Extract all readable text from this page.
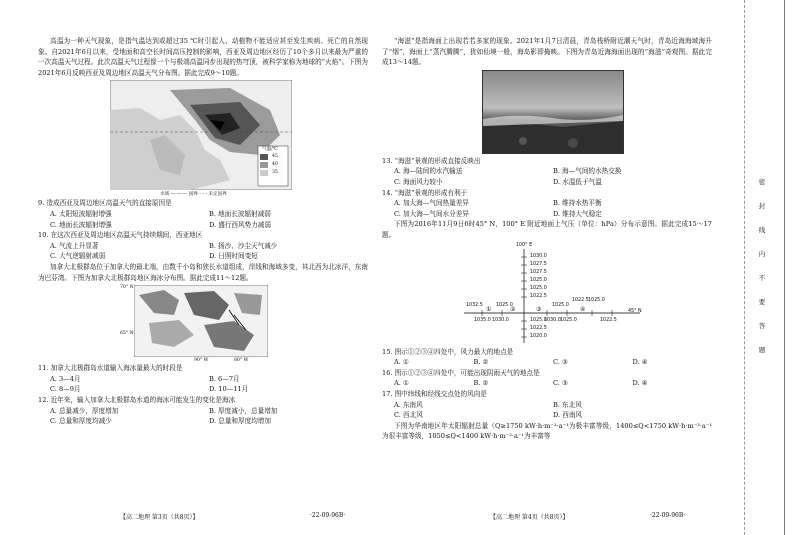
高温为一种天气现象，是指气温达到或超过35 ℃时引起人、动植物不能适应甚至发生疾病、死亡的自然现象。自2021年6月以来，受地面和高空长时间高压控制的影响，西亚及周边地区经历了10个多月以来最为严重的一次高温天气过程。此次高温天气过程像一个与极端高温同步出现的热穹顶，被科学家称为地球的“火焰”。下图为2021年6月反映西亚及周边地区高温天气分布图。据此完成9～10题。

气温/℃
45
40
35
水域 —·—·— 国界 - - - 未定国界

9. 造成西亚及周边地区高温天气的直接原因是

A. 太阳短波辐射增强	B. 地面长波辐射减弱
C. 地面长波辐射增强	D. 盛行西风势力减弱

10. 在这次西亚及周边地区高温天气持续期间，西亚地区

A. 气流上升显著	B. 扬沙、沙尘天气减少
C. 大气逆辐射减弱	D. 日照时间变短

加拿大北极群岛位于加拿大的最北端，由数千小岛和狭长水道组成，岸线和海域多变，其北西为北冰洋，东南为巴芬湾。下图为加拿大北极群岛地区海冰分布图。据此完成11～12题。

70° N
65° N
90° W	80° W

11. 加拿大北极群岛水道输入海冰量最大的时段是

A. 3—4月	B. 6—7月
C. 8—9月	D. 10—11月

12. 近年来，输入加拿大北极群岛水道的海冰可能发生的变化是海冰

A. 总量减少，厚度增加	B. 厚度减小，总量增加
C. 总量和厚度均减少	D. 总量和厚度均增加
【高二地理 第3页（共8页）】	·22-09-96B·

“海滋”是指海面上出现若若多家的现象。2021年1月7日清晨，青岛栈桥附近潮天气时，青岛近海海域海升了“烟”，海面上“蒸汽腾腾”，犹如仙境一般，海岛影即掩映。下图为青岛近海海面出现的“海滋”奇观图。据此完成13～14题。

13. “海滋”景观的形成直接反映出

A. 海—陆间的水汽输送	B. 海—气间的水热交换
C. 海面风力较小	D. 水温低于气温

14. “海滋”景观的形成有利于

A. 加大海—气间热量差异	B. 维持水热平衡
C. 加大海—气间水分差异	D. 维持大气稳定

下图为2016年11月9日6时45° N，100° E 附近地面上气压（单位：hPa）分布示意图。据此完成15～17题。

100° E
45° N
1030.0
1027.5
1027.5
1025.0
1025.0
1022.5
1025.0
1022.5
1020.0
1032.5
1030.0
1025.0	1025.0
1022.5
1035.0	1030.0 1025.0
1025.0
1022.5
①	②	③	④

15. 图示①②③④四处中，风力最大的地点是

A. ①	B. ②	C. ③	D. ④

16. 图示①②③④四处中，可能出现阴雨天气的地点是

A. ①	B. ②	C. ③	D. ④

17. 图中纬线和经线交点处的风向是

A. 东南风	B. 东北风
C. 西北风	D. 西南风

下图为华南地区年太阳辐射总量（Q≥1750 kW·h·m⁻²·a⁻¹为极丰富等级，1400≤Q<1750 kW·h·m⁻²·a⁻¹为很丰富等级，1050≤Q<1400 kW·h·m⁻²·a⁻¹为丰富等

【高二地理 第4页（共8页）】	·22-09-96B·
密封线内不要答题
